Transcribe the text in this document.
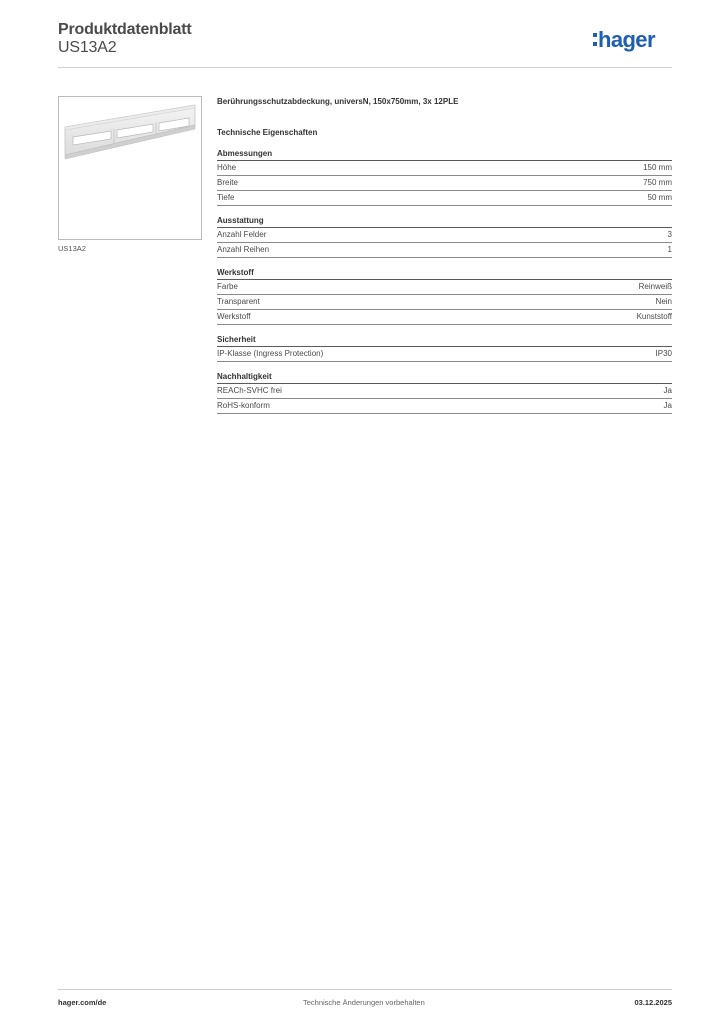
Produktdatenblatt
US13A2	hager
US13A2
Berührungsschutzabdeckung, universN, 150x750mm, 3x 12PLE
Technische Eigenschaften
Abmessungen
Höhe	150 mm
Breite	750 mm
Tiefe	50 mm
Ausstattung
Anzahl Felder	3
Anzahl Reihen	1
Werkstoff
Farbe	Reinweiß
Transparent	Nein
Werkstoff	Kunststoff
Sicherheit
IP-Klasse (Ingress Protection)	IP30
Nachhaltigkeit
REACh-SVHC frei	Ja
RoHS-konform	Ja
hager.com/de	Technische Änderungen vorbehalten	03.12.2025
